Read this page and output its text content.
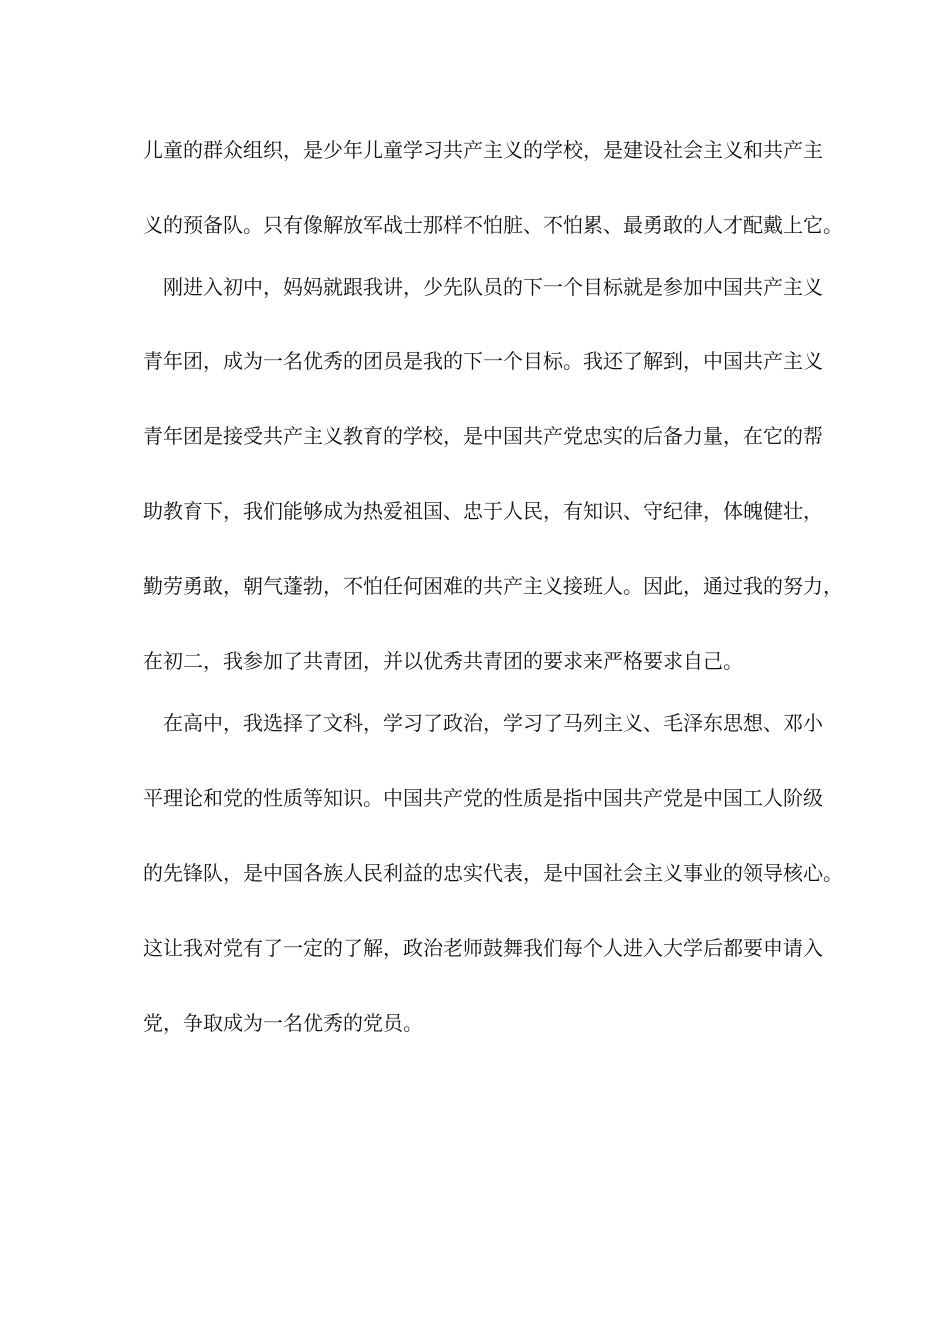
儿童的群众组织，是少年儿童学习共产主义的学校，是建设社会主义和共产主
义的预备队。只有像解放军战士那样不怕脏、不怕累、最勇敢的人才配戴上它。
刚进入初中，妈妈就跟我讲，少先队员的下一个目标就是参加中国共产主义
青年团，成为一名优秀的团员是我的下一个目标。我还了解到，中国共产主义
青年团是接受共产主义教育的学校，是中国共产党忠实的后备力量，在它的帮
助教育下，我们能够成为热爱祖国、忠于人民，有知识、守纪律，体魄健壮，
勤劳勇敢，朝气蓬勃，不怕任何困难的共产主义接班人。因此，通过我的努力，
在初二，我参加了共青团，并以优秀共青团的要求来严格要求自己。
在高中，我选择了文科，学习了政治，学习了马列主义、毛泽东思想、邓小
平理论和党的性质等知识。中国共产党的性质是指中国共产党是中国工人阶级
的先锋队，是中国各族人民利益的忠实代表，是中国社会主义事业的领导核心。
这让我对党有了一定的了解，政治老师鼓舞我们每个人进入大学后都要申请入
党，争取成为一名优秀的党员。
